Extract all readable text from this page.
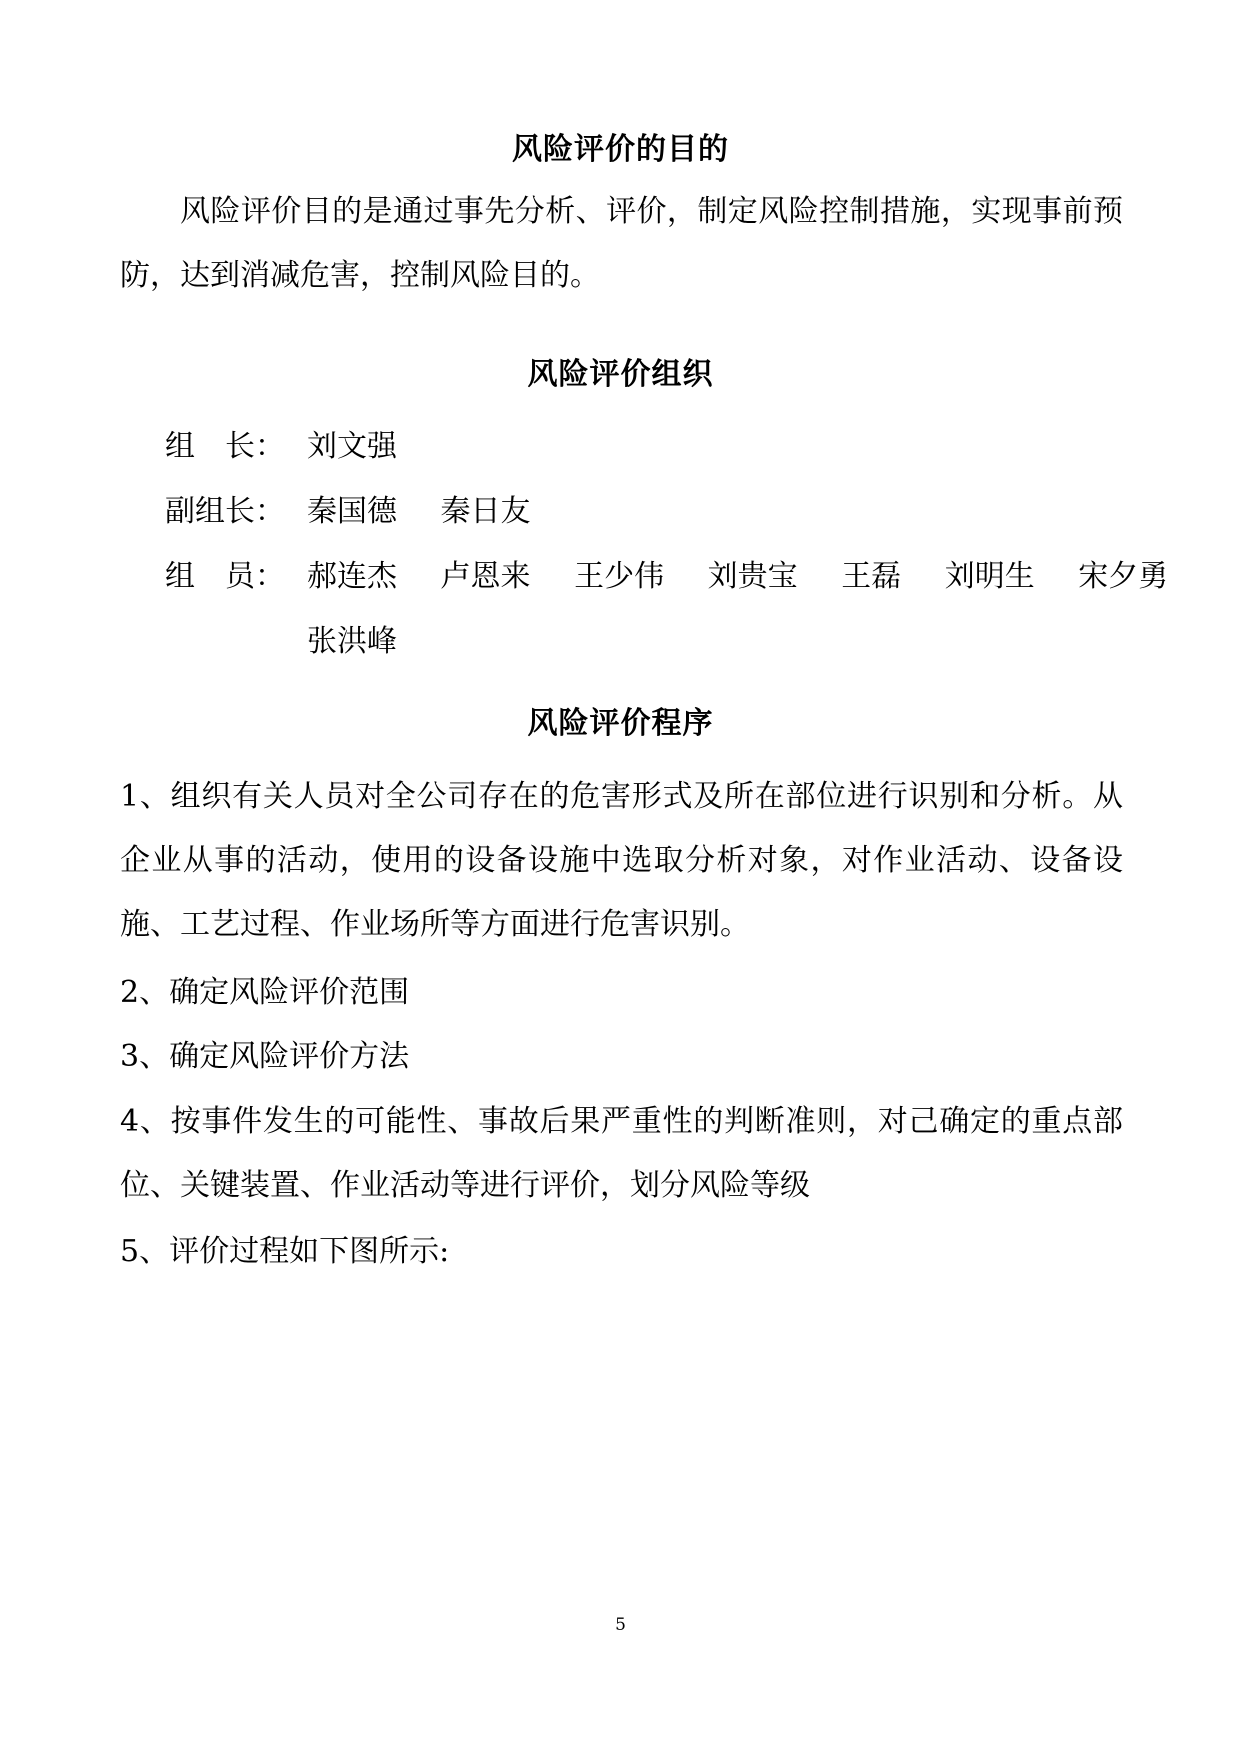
风险评价的目的

风险评价目的是通过事先分析、评价，制定风险控制措施，实现事前预防，达到消减危害，控制风险目的。

风险评价组织
组　长： 刘文强
副组长： 秦国德 秦日友
组　员： 郝连杰 卢恩来 王少伟 刘贵宝 王磊 刘明生 宋夕勇
张洪峰
风险评价程序

1、组织有关人员对全公司存在的危害形式及所在部位进行识别和分析。从企业从事的活动，使用的设备设施中选取分析对象，对作业活动、设备设施、工艺过程、作业场所等方面进行危害识别。

2、确定风险评价范围

3、确定风险评价方法

4、按事件发生的可能性、事故后果严重性的判断准则，对己确定的重点部位、关键装置、作业活动等进行评价，划分风险等级

5、评价过程如下图所示:

5
